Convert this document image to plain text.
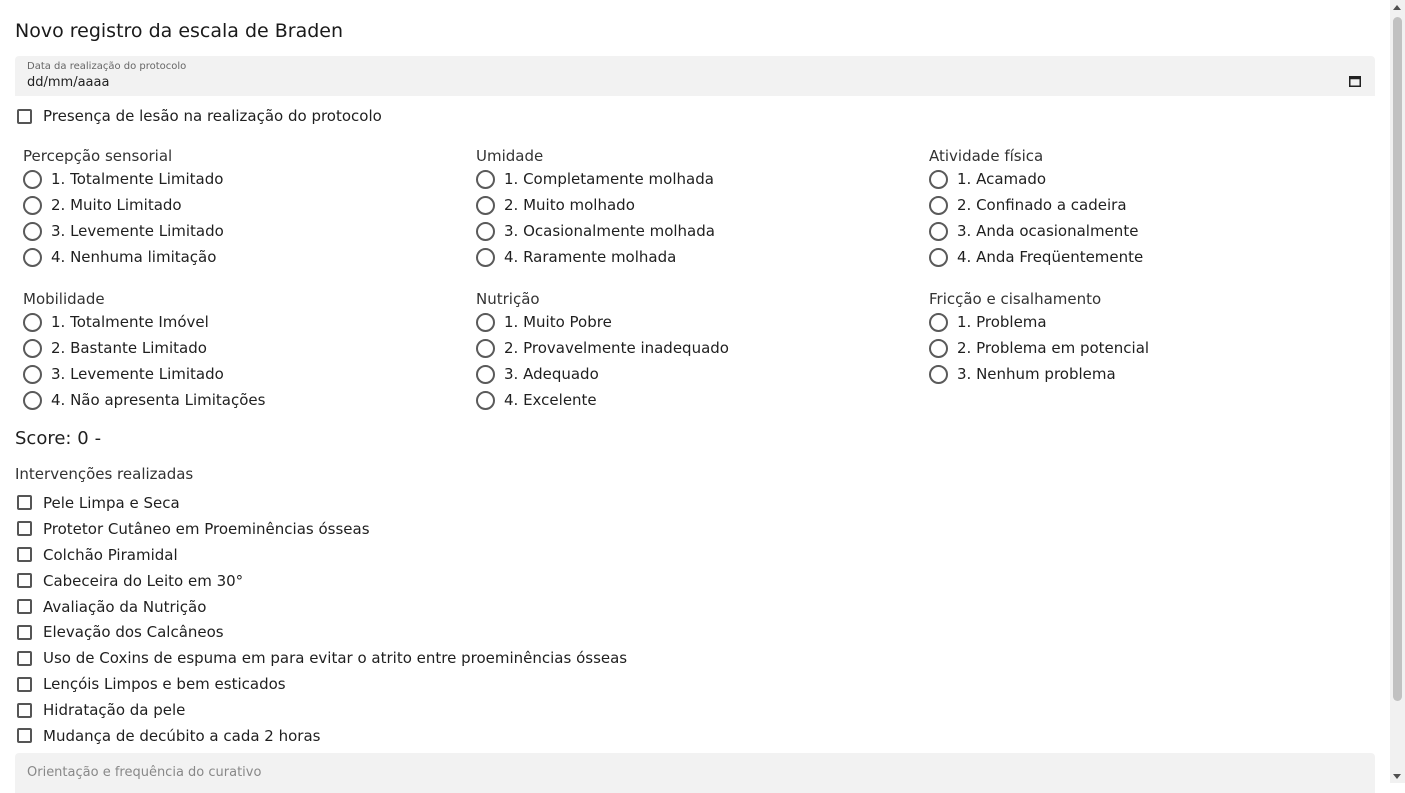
Novo registro da escala de Braden
Data da realização do protocolo
dd/mm/aaaa
Presença de lesão na realização do protocolo
Percepção sensorial
1. Totalmente Limitado
2. Muito Limitado
3. Levemente Limitado
4. Nenhuma limitação
Umidade
1. Completamente molhada
2. Muito molhado
3. Ocasionalmente molhada
4. Raramente molhada
Atividade física
1. Acamado
2. Confinado a cadeira
3. Anda ocasionalmente
4. Anda Freqüentemente
Mobilidade
1. Totalmente Imóvel
2. Bastante Limitado
3. Levemente Limitado
4. Não apresenta Limitações
Nutrição
1. Muito Pobre
2. Provavelmente inadequado
3. Adequado
4. Excelente
Fricção e cisalhamento
1. Problema
2. Problema em potencial
3. Nenhum problema
Score: 0 -
Intervenções realizadas
Pele Limpa e Seca
Protetor Cutâneo em Proeminências ósseas
Colchão Piramidal
Cabeceira do Leito em 30°
Avaliação da Nutrição
Elevação dos Calcâneos
Uso de Coxins de espuma em para evitar o atrito entre proeminências ósseas
Lençóis Limpos e bem esticados
Hidratação da pele
Mudança de decúbito a cada 2 horas
Orientação e frequência do curativo
